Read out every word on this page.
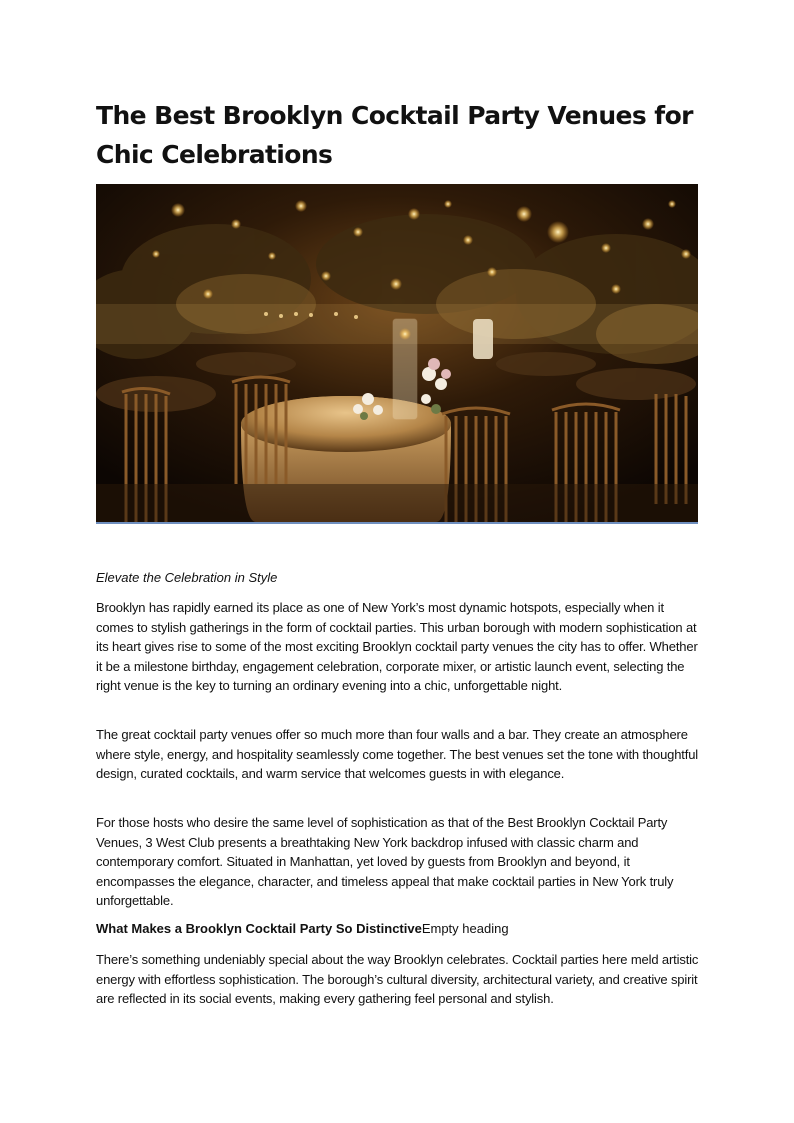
The Best Brooklyn Cocktail Party Venues for Chic Celebrations
Elevate the Celebration in Style

Brooklyn has rapidly earned its place as one of New York’s most dynamic hotspots, especially when it comes to stylish gatherings in the form of cocktail parties. This urban borough with modern sophistication at its heart gives rise to some of the most exciting Brooklyn cocktail party venues the city has to offer. Whether it be a milestone birthday, engagement celebration, corporate mixer, or artistic launch event, selecting the right venue is the key to turning an ordinary evening into a chic, unforgettable night.

The great cocktail party venues offer so much more than four walls and a bar. They create an atmosphere where style, energy, and hospitality seamlessly come together. The best venues set the tone with thoughtful design, curated cocktails, and warm service that welcomes guests in with elegance.

For those hosts who desire the same level of sophistication as that of the Best Brooklyn Cocktail Party Venues, 3 West Club presents a breathtaking New York backdrop infused with classic charm and contemporary comfort. Situated in Manhattan, yet loved by guests from Brooklyn and beyond, it encompasses the elegance, character, and timeless appeal that make cocktail parties in New York truly unforgettable.

What Makes a Brooklyn Cocktail Party So DistinctiveEmpty heading

There’s something undeniably special about the way Brooklyn celebrates. Cocktail parties here meld artistic energy with effortless sophistication. The borough’s cultural diversity, architectural variety, and creative spirit are reflected in its social events, making every gathering feel personal and stylish.
